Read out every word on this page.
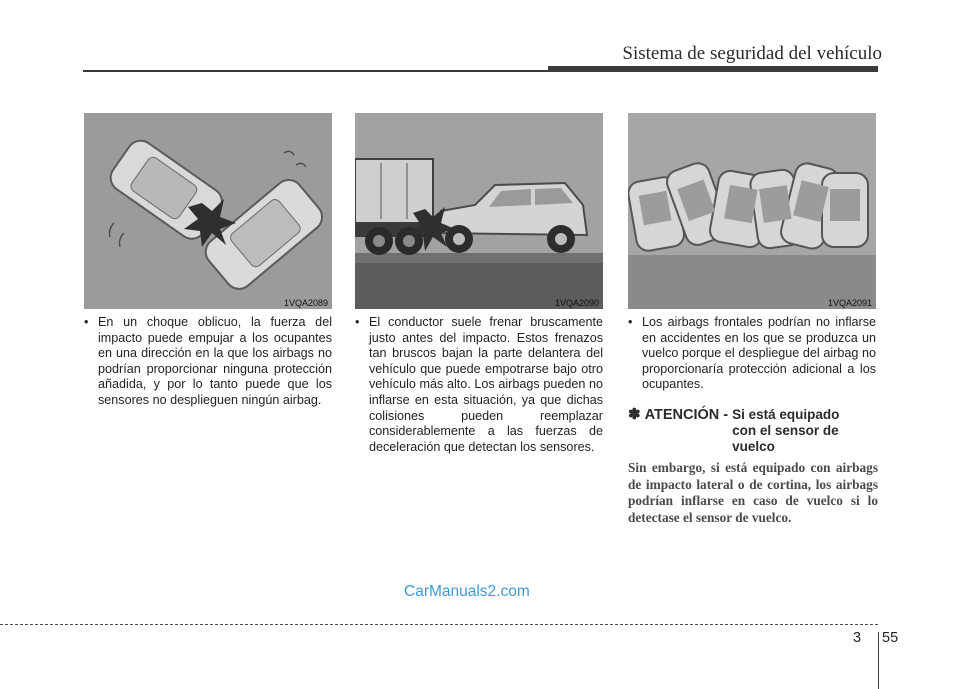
Sistema de seguridad del vehículo
1VQA2089	1VQA2090	1VQA2091
• En un choque oblicuo, la fuerza del impacto puede empujar a los ocupantes en una dirección en la que los airbags no podrían proporcionar ninguna protección añadida, y por lo tanto puede que los sensores no desplieguen ningún airbag.
• El conductor suele frenar bruscamente justo antes del impacto. Estos frenazos tan bruscos bajan la parte delantera del vehículo que puede empotrarse bajo otro vehículo más alto. Los airbags pueden no inflarse en esta situación, ya que dichas colisiones pueden reemplazar considerablemente a las fuerzas de deceleración que detectan los sensores.
• Los airbags frontales podrían no inflarse en accidentes en los que se produzca un vuelco porque el despliegue del airbag no proporcionaría protección adicional a los ocupantes.
✽ ATENCIÓN - Si está equipado con el sensor de vuelco
Sin embargo, si está equipado con airbags de impacto lateral o de cortina, los airbags podrían inflarse en caso de vuelco si lo detectase el sensor de vuelco.
CarManuals2.com
3 55
